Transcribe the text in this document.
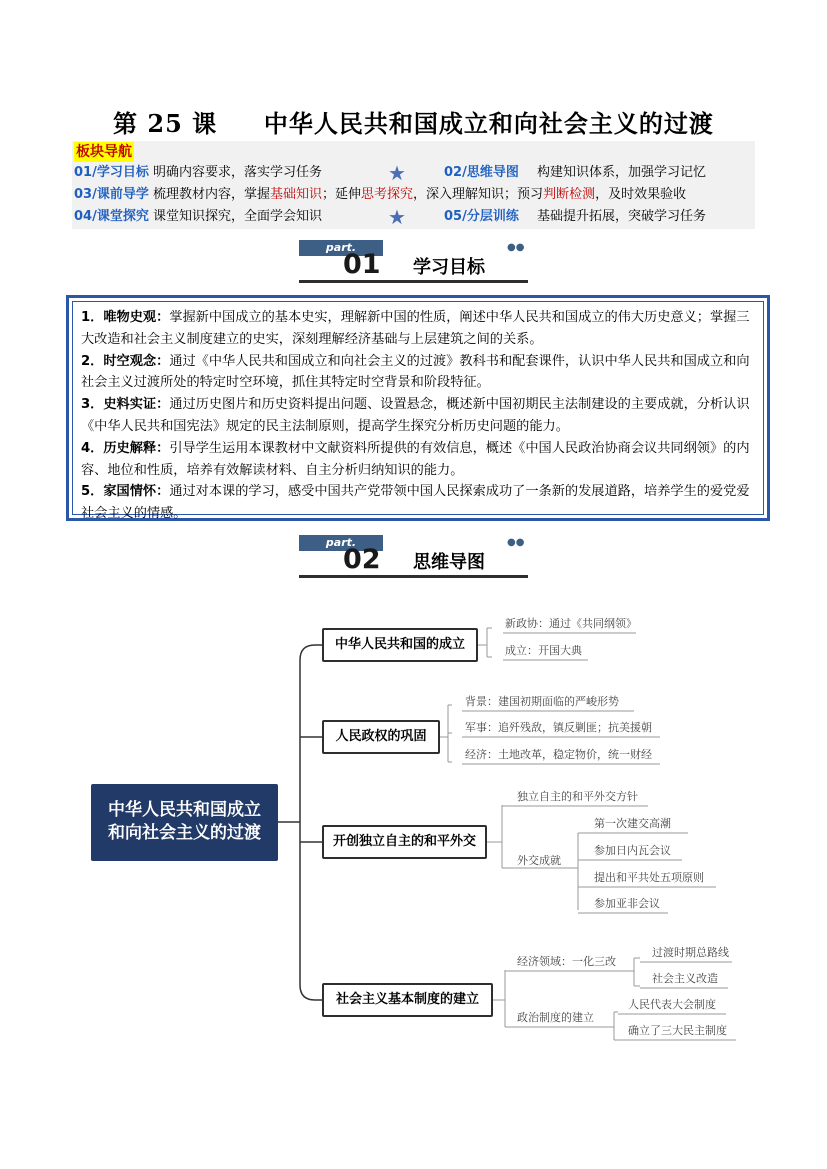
第 25 课     中华人民共和国成立和向社会主义的过渡
板块导航
01/学习目标 明确内容要求，落实学习任务	★	02/思维导图 构建知识体系，加强学习记忆
03/课前导学 梳理教材内容，掌握基础知识；延伸思考探究，深入理解知识；预习判断检测，及时效果验收
04/课堂探究 课堂知识探究，全面学会知识	★	05/分层训练 基础提升拓展，突破学习任务
part.
01 学习目标
●●
1．唯物史观：掌握新中国成立的基本史实，理解新中国的性质，阐述中华人民共和国成立的伟大历史意义；掌握三大改造和社会主义制度建立的史实，深刻理解经济基础与上层建筑之间的关系。
2．时空观念：通过《中华人民共和国成立和向社会主义的过渡》教科书和配套课件，认识中华人民共和国成立和向社会主义过渡所处的特定时空环境，抓住其特定时空背景和阶段特征。
3．史料实证：通过历史图片和历史资料提出问题、设置悬念，概述新中国初期民主法制建设的主要成就，分析认识《中华人民共和国宪法》规定的民主法制原则，提高学生探究分析历史问题的能力。
4．历史解释：引导学生运用本课教材中文献资料所提供的有效信息，概述《中国人民政治协商会议共同纲领》的内容、地位和性质，培养有效解读材料、自主分析归纳知识的能力。
5．家国情怀：通过对本课的学习，感受中国共产党带领中国人民探索成功了一条新的发展道路，培养学生的爱党爱社会主义的情感。
part.
02 思维导图
●●
中华人民共和国成立
和向社会主义的过渡
中华人民共和国的成立
人民政权的巩固
开创独立自主的和平外交
社会主义基本制度的建立
新政协：通过《共同纲领》
成立：开国大典
背景：建国初期面临的严峻形势
军事：追歼残敌，镇反剿匪；抗美援朝
经济：土地改革，稳定物价，统一财经
独立自主的和平外交方针
外交成就
第一次建交高潮
参加日内瓦会议
提出和平共处五项原则
参加亚非会议
经济领域：一化三改
过渡时期总路线
社会主义改造
政治制度的建立
人民代表大会制度
确立了三大民主制度
